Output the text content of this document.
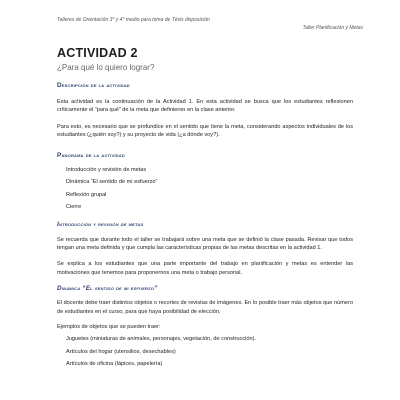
Talleres de Orientación 3° y 4° medio para toma de Tésis disposición
Taller Planificación y Metas
ACTIVIDAD 2

¿Para qué lo quiero lograr?

Descripción de la actividad

Esta actividad es la continuación de la Actividad 1. En esta actividad se busca que los estudiantes reflexionen críticamente el “para qué” de la meta que definieron en la clase anterior.

Para esto, es necesario que se profundice en el sentido que tiene la meta, considerando aspectos individuales de los estudiantes (¿quién soy?) y su proyecto de vida (¿a dónde voy?).

Panorama de la actividad
Introducción y revisión de metas
Dinámica “El sentido de mi esfuerzo”
Reflexión grupal
Cierre
Introducción y revisión de metas

Se recuerda que durante todo el taller se trabajará sobre una meta que se definió la clase pasada. Revisar que todos tengan una meta definida y que cumpla las características propias de las metas descritas en la actividad 1.

Se explica a los estudiantes que una parte importante del trabajo en planificación y metas es entender las motivaciones que tenemos para proponernos una meta o trabajo personal.

Dinámica “El sentido de mi esfuerzo”

El docente debe traer distintos objetos o recortes de revistas de imágenes. En lo posible traer más objetos que número de estudiantes en el curso, para que haya posibilidad de elección.

Ejemplos de objetos que se pueden traer:

Juguetes (miniaturas de animales, personajes, vegetación, de construcción).
Artículos del hogar (utensilios, desechables)
Artículos de oficina (lápices, papelería)
